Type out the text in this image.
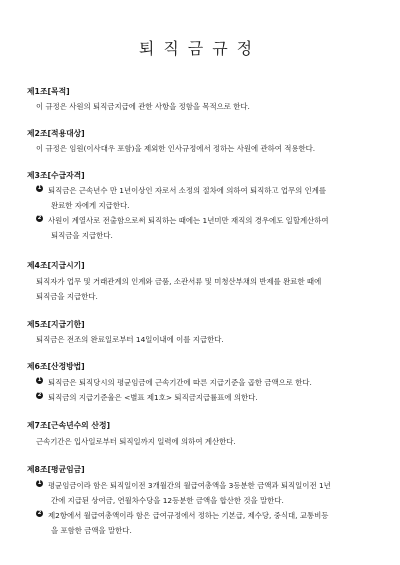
퇴직금규정
제1조[목적]
이 규정은 사원의 퇴직금지급에 관한 사항을 정함을 목적으로 한다.
제2조[적용대상]
이 규정은 임원(이사대우 포함)을 제외한 인사규정에서 정하는 사원에 관하여 적용한다.
제3조[수급자격]
1 퇴직금은 근속년수 만 1년이상인 자로서 소정의 절차에 의하여 퇴직하고 업무의 인계를
완료한 자에게 지급한다.
2 사원이 계열사로 전출함으로써 퇴직하는 때에는 1년미만 재직의 경우에도 일할계산하여
퇴직금을 지급한다.
제4조[지급시기]
퇴직자가 업무 및 거래관계의 인계와 금품, 소관서류 및 미청산부채의 반제를 완료한 때에
퇴직금을 지급한다.
제5조[지급기한]
퇴직금은 전조의 완료일로부터 14일이내에 이를 지급한다.
제6조[산정방법]
1 퇴직금은 퇴직당시의 평균임금에 근속기간에 따른 지급기준을 곱한 금액으로 한다.
2 퇴직금의 지급기준율은 <별표 제1호> 퇴직금지급률표에 의한다.
제7조[근속년수의 산정]
근속기간은 입사일로부터 퇴직일까지 일력에 의하여 계산한다.
제8조[평균임금]
1 평균임금이라 함은 퇴직일이전 3개월간의 월급여총액을 3등분한 금액과 퇴직일이전 1년
간에 지급된 상여금, 연월차수당을 12등분한 금액을 합산한 것을 말한다.
2 제2항에서 월급여총액이라 함은 급여규정에서 정하는 기본급, 제수당, 중식대, 교통비등
을 포함한 금액을 말한다.
